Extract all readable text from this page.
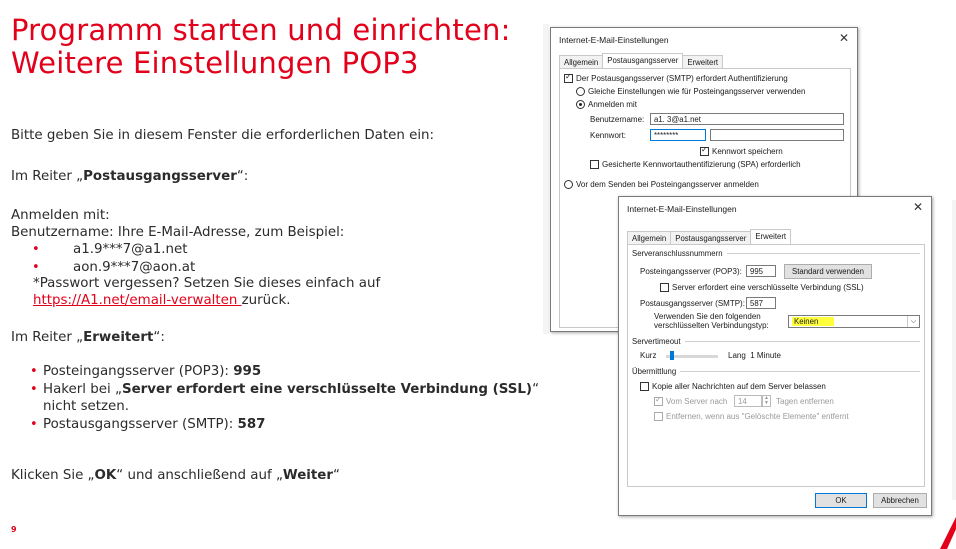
Programm starten und einrichten:
Weitere Einstellungen POP3
Bitte geben Sie in diesem Fenster die erforderlichen Daten ein:
Im Reiter „Postausgangsserver“:
Anmelden mit:
Benutzername: Ihre E-Mail-Adresse, zum Beispiel:
• a1.9***7@a1.net
• aon.9***7@aon.at
*Passwort vergessen? Setzen Sie dieses einfach auf
https://A1.net/email-verwalten zurück.
Im Reiter „Erweitert“:
• Posteingangsserver (POP3): 995
• Hakerl bei „Server erfordert eine verschlüsselte Verbindung (SSL)“ nicht setzen.
• Postausgangsserver (SMTP): 587
Klicken Sie „OK“ und anschließend auf „Weiter“
9
Internet-E-Mail-Einstellungen	✕
Allgemein	Postausgangsserver	Erweitert
✓
Der Postausgangsserver (SMTP) erfordert Authentifizierung
Gleiche Einstellungen wie für Posteingangsserver verwenden
Anmelden mit
Benutzername:	a1. 3@a1.net
Kennwort:	********
✓
Kennwort speichern
Gesicherte Kennwortauthentifizierung (SPA) erforderlich
Vor dem Senden bei Posteingangsserver anmelden
Internet-E-Mail-Einstellungen	✕
Allgemein	Postausgangsserver	Erweitert
Serveranschlussnummern
Posteingangsserver (POP3):	995	Standard verwenden
Server erfordert eine verschlüsselte Verbindung (SSL)
Postausgangsserver (SMTP): 587
Verwenden Sie den folgenden
verschlüsselten Verbindungstyp:	Keinen	⌵
Servertimeout
Kurz	Lang
1 Minute
Übermittlung
Kopie aller Nachrichten auf dem Server belassen
✓
Vom Server nach	14	▲
▼ Tagen entfernen
Entfernen, wenn aus "Gelöschte Elemente" entfernt
OK	Abbrechen
